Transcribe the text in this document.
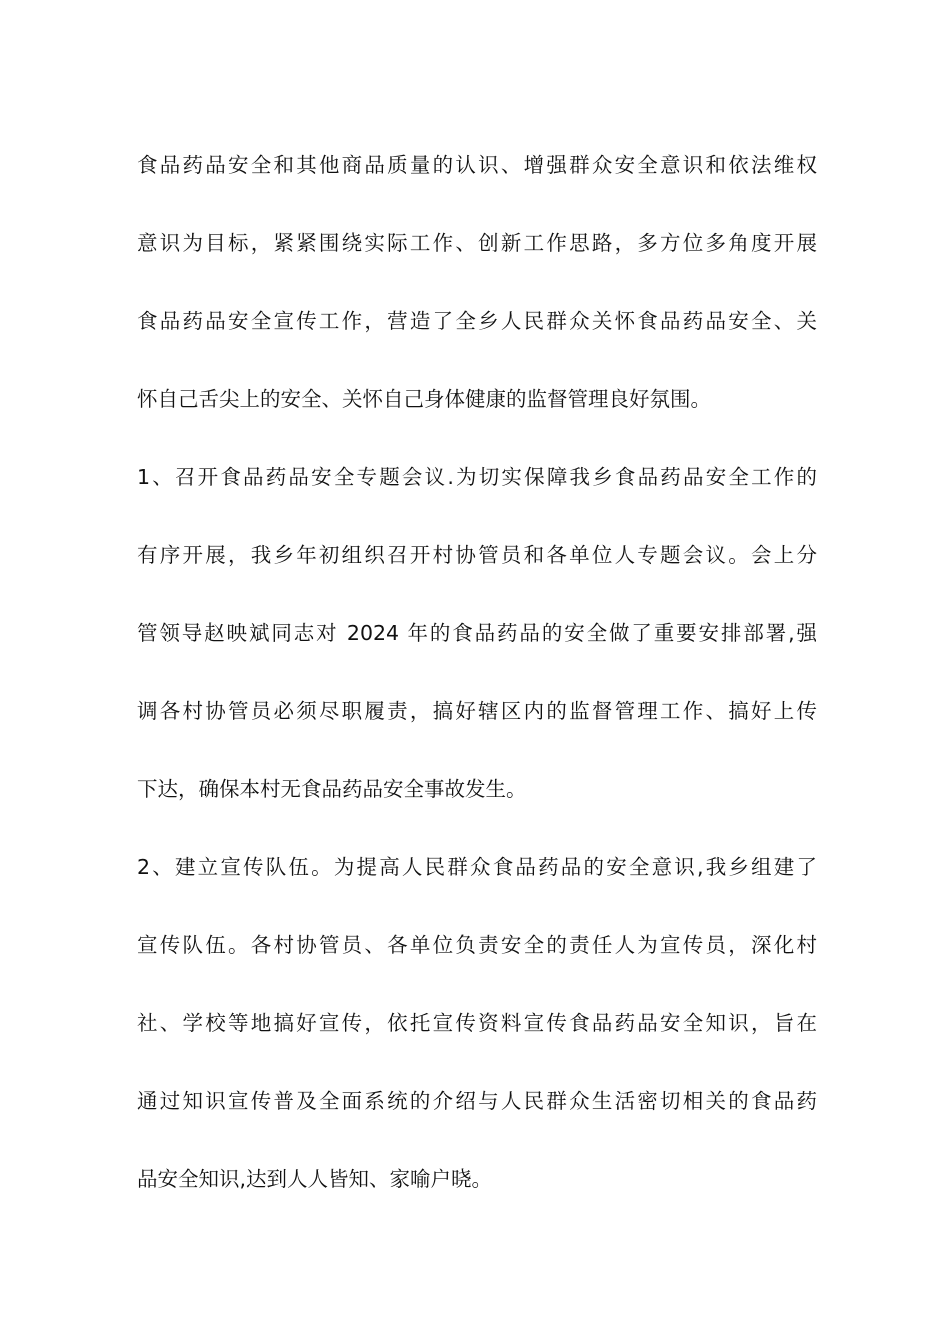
食品药品安全和其他商品质量的认识、增强群众安全意识和依法维权
意识为目标，紧紧围绕实际工作、创新工作思路，多方位多角度开展
食品药品安全宣传工作，营造了全乡人民群众关怀食品药品安全、关
怀自己舌尖上的安全、关怀自己身体健康的监督管理良好氛围。
1、召开食品药品安全专题会议.为切实保障我乡食品药品安全工作的
有序开展，我乡年初组织召开村协管员和各单位人专题会议。会上分
管领导赵映斌同志对 2024 年的食品药品的安全做了重要安排部署,强
调各村协管员必须尽职履责，搞好辖区内的监督管理工作、搞好上传
下达，确保本村无食品药品安全事故发生。
2、建立宣传队伍。为提高人民群众食品药品的安全意识,我乡组建了
宣传队伍。各村协管员、各单位负责安全的责任人为宣传员，深化村
社、学校等地搞好宣传，依托宣传资料宣传食品药品安全知识，旨在
通过知识宣传普及全面系统的介绍与人民群众生活密切相关的食品药
品安全知识,达到人人皆知、家喻户晓。
